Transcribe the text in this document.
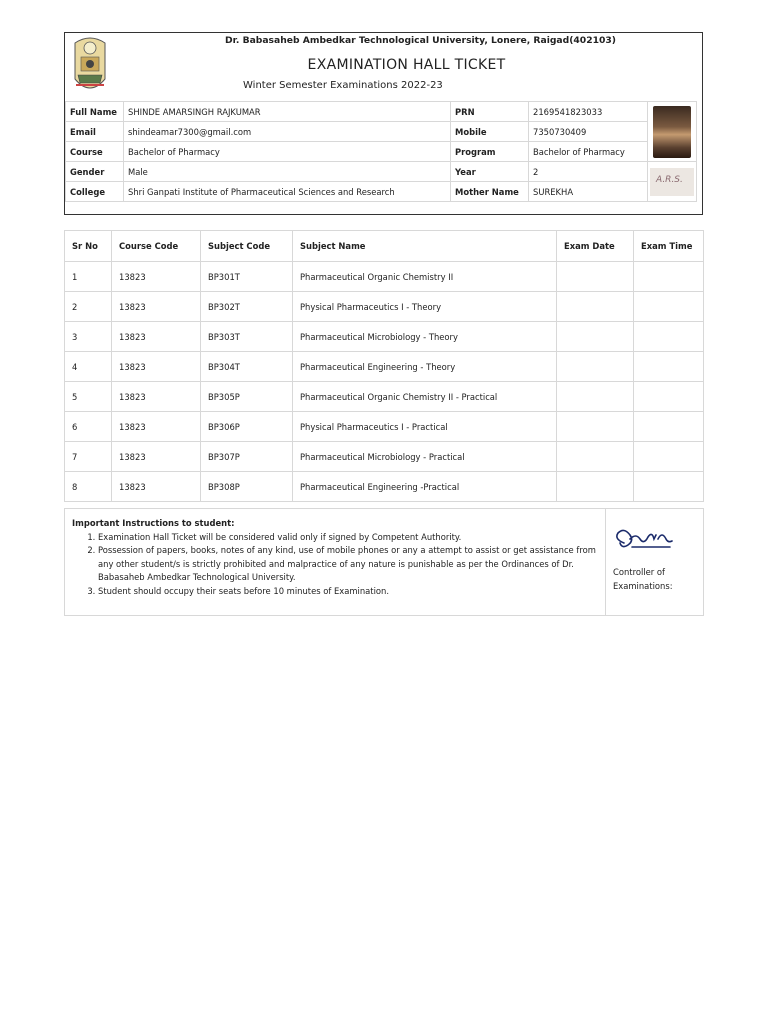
Dr. Babasaheb Ambedkar Technological University, Lonere, Raigad(402103)
EXAMINATION HALL TICKET
Winter Semester Examinations 2022-23
Full Name	SHINDE AMARSINGH RAJKUMAR	PRN	2169541823033	

Email	shindeamar7300@gmail.com	Mobile	7350730409	
Course	Bachelor of Pharmacy	Program	Bachelor of Pharmacy	
Gender	Male	Year	2	A.R.S.

College	Shri Ganpati Institute of Pharmaceutical Sciences and Research	Mother Name	SUREKHA	
Sr No	Course Code	Subject Code	Subject Name	Exam Date	Exam Time
1	13823	BP301T	Pharmaceutical Organic Chemistry II		
2	13823	BP302T	Physical Pharmaceutics I - Theory		
3	13823	BP303T	Pharmaceutical Microbiology - Theory		
4	13823	BP304T	Pharmaceutical Engineering - Theory		
5	13823	BP305P	Pharmaceutical Organic Chemistry II - Practical		
6	13823	BP306P	Physical Pharmaceutics I - Practical		
7	13823	BP307P	Pharmaceutical Microbiology - Practical		
8	13823	BP308P	Pharmaceutical Engineering -Practical		
Important Instructions to student:
1. Examination Hall Ticket will be considered valid only if signed by Competent Authority.
2. Possession of papers, books, notes of any kind, use of mobile phones or any a attempt to assist or get assistance from any other student/s is strictly prohibited and malpractice of any nature is punishable as per the Ordinances of Dr. Babasaheb Ambedkar Technological University.
3. Student should occupy their seats before 10 minutes of Examination.
Controller of
Examinations:
